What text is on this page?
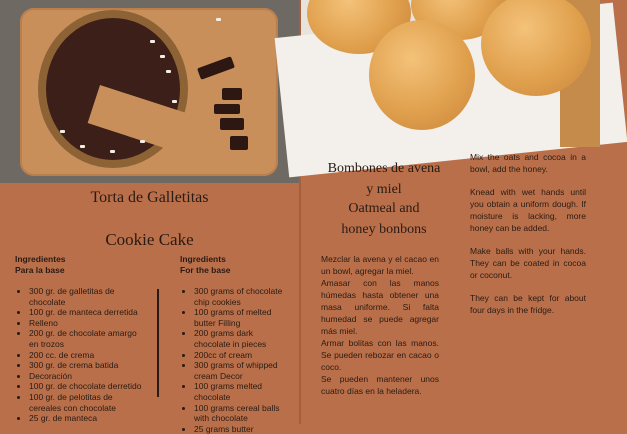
Torta de Galletitas
Cookie Cake
Ingredientes
Para la base
• 300 gr. de galletitas de chocolate
• 100 gr. de manteca derretida
• Relleno
• 200 gr. de chocolate amargo en trozos
• 200 cc. de crema
• 300 gr. de crema batida
• Decoración
• 100 gr. de chocolate derretido
• 100 gr. de pelotitas de cereales con chocolate
• 25 gr. de manteca
Ingredients
For the base
• 300 grams of chocolate chip cookies
• 100 grams of melted butter Filling
• 200 grams dark chocolate in pieces
• 200cc of cream
• 300 grams of whipped cream Decor
• 100 grams melted chocolate
• 100 grams cereal balls with chocolate
• 25 grams butter
Bombones de avena
y miel
Oatmeal and
honey bonbons

Mezclar la avena y el cacao en un bowl, agregar la miel.

Amasar con las manos húmedas hasta obtener una masa uniforme. Si falta humedad se puede agregar más miel.

Armar bolitas con las manos. Se pueden rebozar en cacao o coco.

Se pueden mantener unos cuatro días en la heladera.

Mix the oats and cocoa in a bowl, add the honey.

Knead with wet hands until you obtain a uniform dough. If moisture is lacking, more honey can be added.

Make balls with your hands. They can be coated in cocoa or coconut.

They can be kept for about four days in the fridge.
